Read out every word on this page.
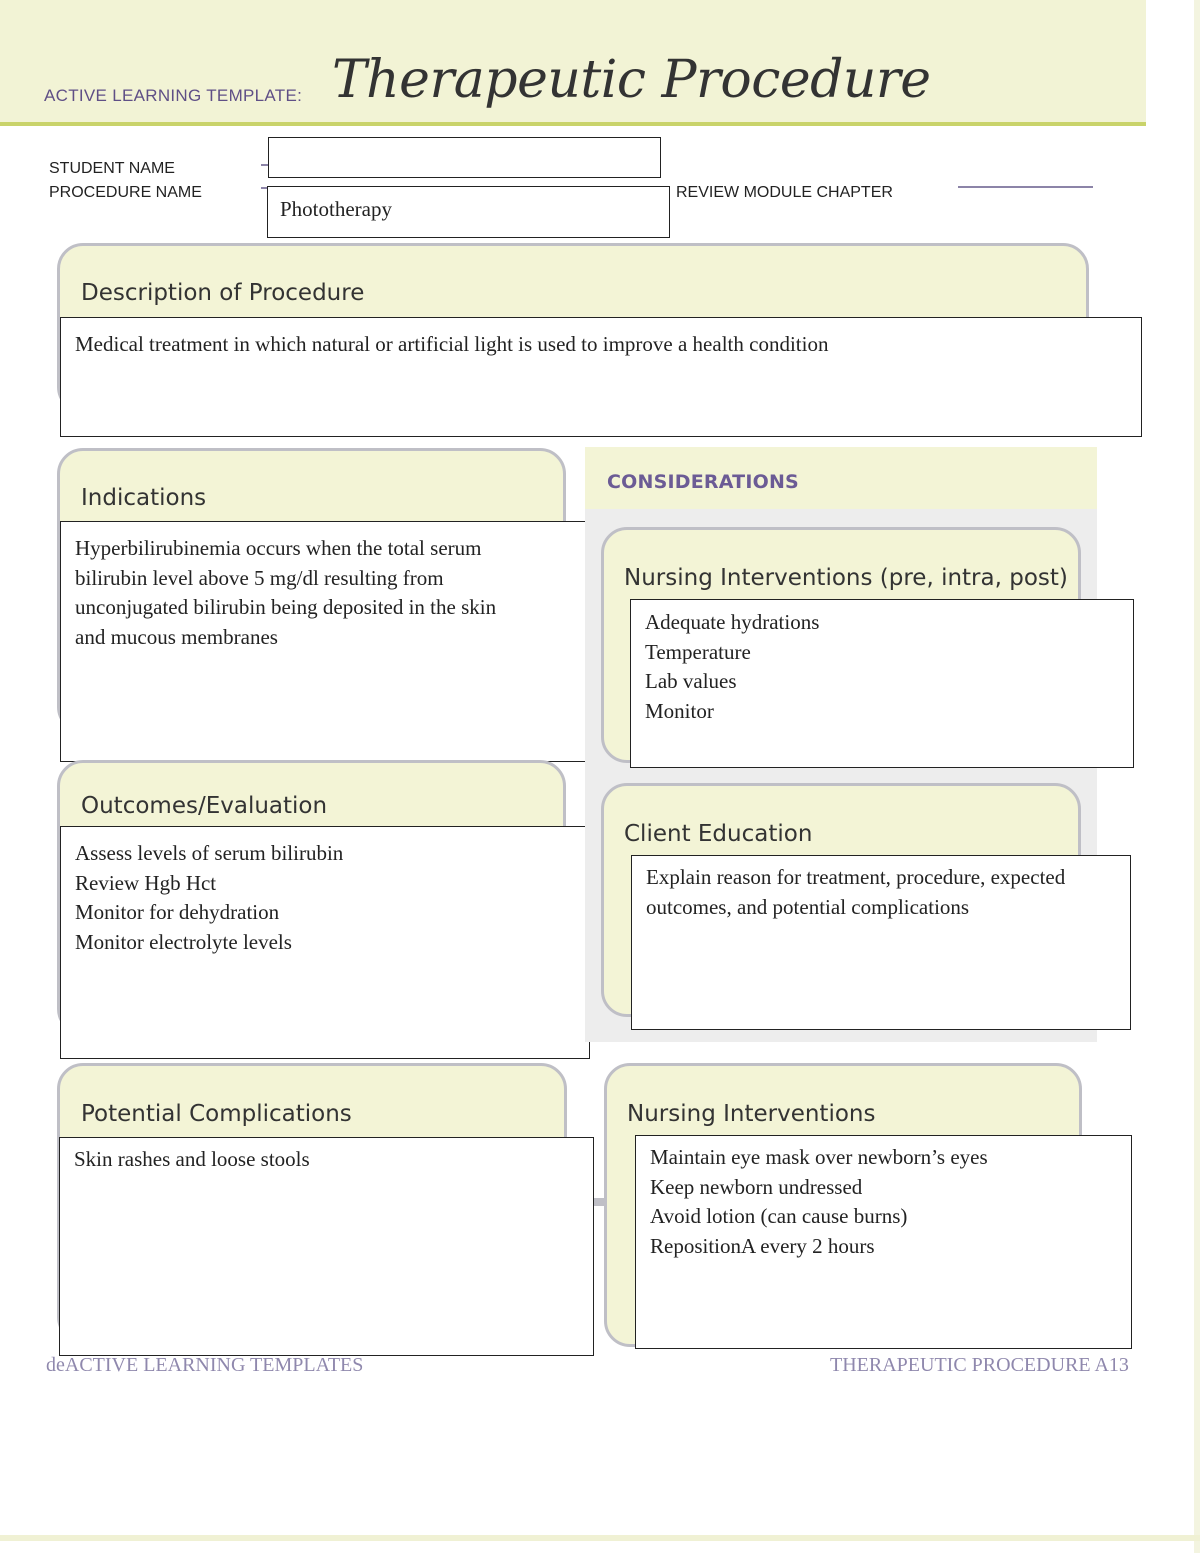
ACTIVE LEARNING TEMPLATE: Therapeutic Procedure
STUDENT NAME
PROCEDURE NAME
Phototherapy
REVIEW MODULE CHAPTER
Description of Procedure
Medical treatment in which natural or artificial light is used to improve a health condition
Indications
Hyperbilirubinemia occurs when the total serum
bilirubin level above 5 mg/dl resulting from
unconjugated bilirubin being deposited in the skin
and mucous membranes
Outcomes/Evaluation
Assess levels of serum bilirubin
Review Hgb Hct
Monitor for dehydration
Monitor electrolyte levels
CONSIDERATIONS
Nursing Interventions (pre, intra, post)
Adequate hydrations
Temperature
Lab values
Monitor
Client Education
Explain reason for treatment, procedure, expected
outcomes, and potential complications
Potential Complications
Skin rashes and loose stools
Nursing Interventions
Maintain eye mask over newborn’s eyes
Keep newborn undressed
Avoid lotion (can cause burns)
RepositionA every 2 hours
deACTIVE LEARNING TEMPLATES	THERAPEUTIC PROCEDURE A13
